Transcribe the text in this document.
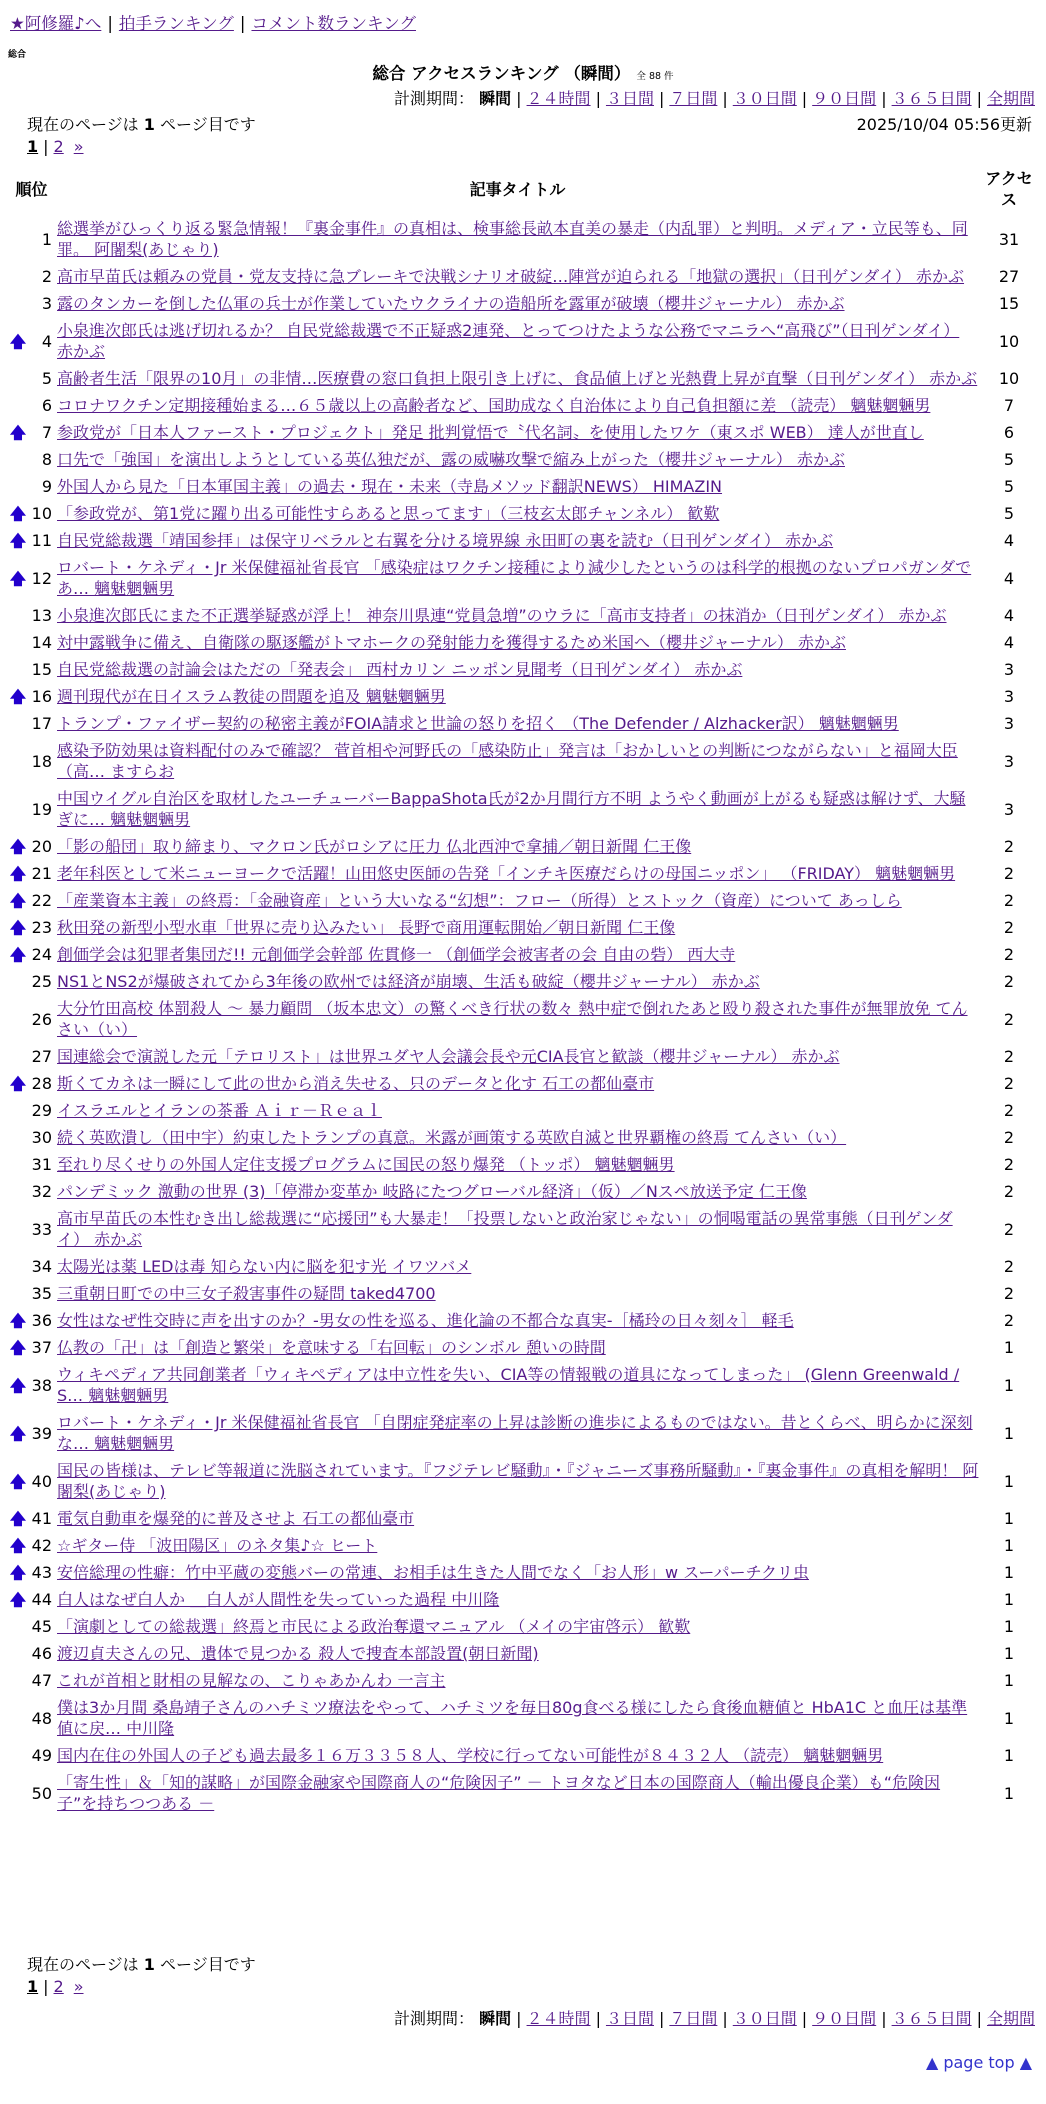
★阿修羅♪へ | 拍手ランキング | コメント数ランキング
総合
総合 アクセスランキング （瞬間） 全 88 件
計測期間： 瞬間 | ２４時間 | ３日間 | ７日間 | ３０日間 | ９０日間 | ３６５日間 | 全期間
現在のページは 1 ページ目です	2025/10/04 05:56更新
1 | 2 »
順位		記事タイトル	アクセス
	1	総選挙がひっくり返る緊急情報！『裏金事件』の真相は、検事総長畝本直美の暴走（内乱罪）と判明。メディア・立民等も、同罪。 阿闍梨(あじゃり)	31
	2	高市早苗氏は頼みの党員・党友支持に急ブレーキで決戦シナリオ破綻…陣営が迫られる「地獄の選択」（日刊ゲンダイ） 赤かぶ	27
	3	露のタンカーを倒した仏軍の兵士が作業していたウクライナの造船所を露軍が破壊（櫻井ジャーナル） 赤かぶ	15
🡅	4	小泉進次郎氏は逃げ切れるか？ 自民党総裁選で不正疑惑2連発、とってつけたような公務でマニラへ“高飛び”（日刊ゲンダイ） 赤かぶ	10
	5	高齢者生活「限界の10月」の非情…医療費の窓口負担上限引き上げに、食品値上げと光熱費上昇が直撃（日刊ゲンダイ） 赤かぶ	10
	6	コロナワクチン定期接種始まる…６５歳以上の高齢者など、国助成なく自治体により自己負担額に差 （読売） 魑魅魍魎男	7
🡅	7	参政党が「日本人ファースト・プロジェクト」発足 批判覚悟で〝代名詞〟を使用したワケ（東スポ WEB） 達人が世直し	6
	8	口先で「強国」を演出しようとしている英仏独だが、露の威嚇攻撃で縮み上がった（櫻井ジャーナル） 赤かぶ	5
	9	外国人から見た「日本軍国主義」の過去・現在・未来（寺島メソッド翻訳NEWS） HIMAZIN	5
🡅	10	「参政党が、第1党に躍り出る可能性すらあると思ってます」（三枝玄太郎チャンネル） 歓歎	5
🡅	11	自民党総裁選「靖国参拝」は保守リベラルと右翼を分ける境界線 永田町の裏を読む（日刊ゲンダイ） 赤かぶ	4
🡅	12	ロバート・ケネディ・Jr 米保健福祉省長官 「感染症はワクチン接種により減少したというのは科学的根拠のないプロパガンダであ… 魑魅魍魎男	4
	13	小泉進次郎氏にまた不正選挙疑惑が浮上！ 神奈川県連“党員急増”のウラに「高市支持者」の抹消か（日刊ゲンダイ） 赤かぶ	4
	14	対中露戦争に備え、自衛隊の駆逐艦がトマホークの発射能力を獲得するため米国へ（櫻井ジャーナル） 赤かぶ	4
	15	自民党総裁選の討論会はただの「発表会」 西村カリン ニッポン見聞考（日刊ゲンダイ） 赤かぶ	3
🡅	16	週刊現代が在日イスラム教徒の問題を追及 魑魅魍魎男	3
	17	トランプ・ファイザー契約の秘密主義がFOIA請求と世論の怒りを招く （The Defender / Alzhacker訳） 魑魅魍魎男	3
	18	感染予防効果は資料配付のみで確認？ 菅首相や河野氏の「感染防止」発言は「おかしいとの判断につながらない」と福岡大臣（高… ますらお	3
	19	中国ウイグル自治区を取材したユーチューバーBappaShota氏が2か月間行方不明 ようやく動画が上がるも疑惑は解けず、大騒ぎに… 魑魅魍魎男	3
🡅	20	「影の船団」取り締まり、マクロン氏がロシアに圧力 仏北西沖で拿捕／朝日新聞 仁王像	2
🡅	21	老年科医として米ニューヨークで活躍！山田悠史医師の告発「インチキ医療だらけの母国ニッポン」 （FRIDAY） 魑魅魍魎男	2
🡅	22	「産業資本主義」の終焉：「金融資産」という大いなる“幻想”：フロー（所得）とストック（資産）について あっしら	2
🡅	23	秋田発の新型小型水車「世界に売り込みたい」 長野で商用運転開始／朝日新聞 仁王像	2
🡅	24	創価学会は犯罪者集団だ!! 元創価学会幹部 佐貫修一 （創価学会被害者の会 自由の砦） 西大寺	2
	25	NS1とNS2が爆破されてから3年後の欧州では経済が崩壊、生活も破綻（櫻井ジャーナル） 赤かぶ	2
	26	大分竹田高校 体罰殺人 ～ 暴力顧問 （坂本忠文）の驚くべき行状の数々 熱中症で倒れたあと殴り殺された事件が無罪放免 てんさい（い）	2
	27	国連総会で演説した元「テロリスト」は世界ユダヤ人会議会長や元CIA長官と歓談（櫻井ジャーナル） 赤かぶ	2
🡅	28	斯くてカネは一瞬にして此の世から消え失せる、只のデータと化す 石工の都仙臺市	2
	29	イスラエルとイランの茶番 Ａｉｒ－Ｒｅａｌ	2
	30	続く英欧潰し（田中宇）約束したトランプの真意。米露が画策する英欧自滅と世界覇権の終焉 てんさい（い）	2
	31	至れり尽くせりの外国人定住支援プログラムに国民の怒り爆発 （トッポ） 魑魅魍魎男	2
	32	パンデミック 激動の世界 (3)「停滞か変革か 岐路にたつグローバル経済」（仮）／Nスペ放送予定 仁王像	2
	33	高市早苗氏の本性むき出し総裁選に“応援団”も大暴走！「投票しないと政治家じゃない」の恫喝電話の異常事態（日刊ゲンダイ） 赤かぶ	2
	34	太陽光は薬 LEDは毒 知らない内に脳を犯す光 イワツバメ	2
	35	三重朝日町での中三女子殺害事件の疑問 taked4700	2
🡅	36	女性はなぜ性交時に声を出すのか？-男女の性を巡る、進化論の不都合な真実-［橘玲の日々刻々］ 軽毛	2
🡅	37	仏教の「卍」は「創造と繁栄」を意味する「右回転」のシンボル 憩いの時間	1
🡅	38	ウィキペディア共同創業者「ウィキペディアは中立性を失い、CIA等の情報戦の道具になってしまった」 (Glenn Greenwald / S… 魑魅魍魎男	1
🡅	39	ロバート・ケネディ・Jr 米保健福祉省長官 「自閉症発症率の上昇は診断の進歩によるものではない。昔とくらべ、明らかに深刻な… 魑魅魍魎男	1
🡅	40	国民の皆様は、テレビ等報道に洗脳されています。『フジテレビ騒動』・『ジャニーズ事務所騒動』・『裏金事件』の真相を解明！ 阿闍梨(あじゃり)	1
🡅	41	電気自動車を爆発的に普及させよ 石工の都仙臺市	1
🡅	42	☆ギター侍 「波田陽区」のネタ集♪☆ ヒート	1
🡅	43	安倍総理の性癖：竹中平蔵の変態バーの常連、お相手は生きた人間でなく「お人形」w スーパーチクリ虫	1
🡅	44	白人はなぜ白人か ＿白人が人間性を失っていった過程 中川隆	1
	45	「演劇としての総裁選」終焉と市民による政治奪還マニュアル （メイの宇宙啓示） 歓歎	1
	46	渡辺貞夫さんの兄、遺体で見つかる 殺人で捜査本部設置(朝日新聞)	1
	47	これが首相と財相の見解なの、こりゃあかんわ 一言主	1
	48	僕は3か月間 桑島靖子さんのハチミツ療法をやって、ハチミツを毎日80g食べる様にしたら食後血糖値と HbA1C と血圧は基準値に戻… 中川隆	1
	49	国内在住の外国人の子ども過去最多１６万３３５８人、学校に行ってない可能性が８４３２人 （読売） 魑魅魍魎男	1
	50	「寄生性」＆「知的謀略」が国際金融家や国際商人の“危険因子” － トヨタなど日本の国際商人（輸出優良企業）も“危険因子”を持ちつつある －	1
現在のページは 1 ページ目です
1 | 2 »
計測期間： 瞬間 | ２４時間 | ３日間 | ７日間 | ３０日間 | ９０日間 | ３６５日間 | 全期間
▲ page top ▲
